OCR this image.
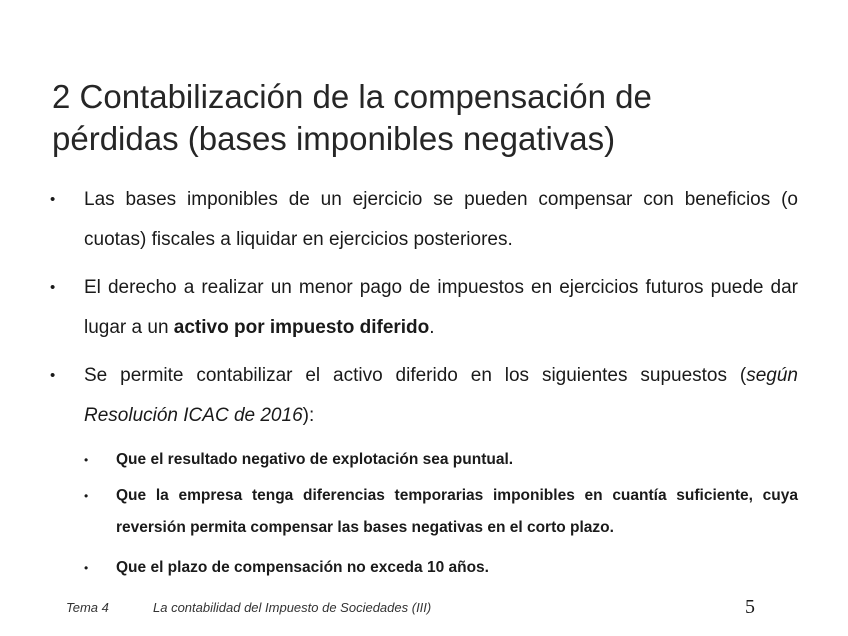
2 Contabilización de la compensación de
pérdidas (bases imponibles negativas)
• Las bases imponibles de un ejercicio se pueden compensar con beneficios (o cuotas) fiscales a liquidar en ejercicios posteriores.
• El derecho a realizar un menor pago de impuestos en ejercicios futuros puede dar lugar a un activo por impuesto diferido.
• Se permite contabilizar el activo diferido en los siguientes supuestos (según Resolución ICAC de 2016):
• Que el resultado negativo de explotación sea puntual.
• Que la empresa tenga diferencias temporarias imponibles en cuantía suficiente, cuya reversión permita compensar las bases negativas en el corto plazo.
• Que el plazo de compensación no exceda 10 años.
Tema 4	La contabilidad del Impuesto de Sociedades (III)	5
